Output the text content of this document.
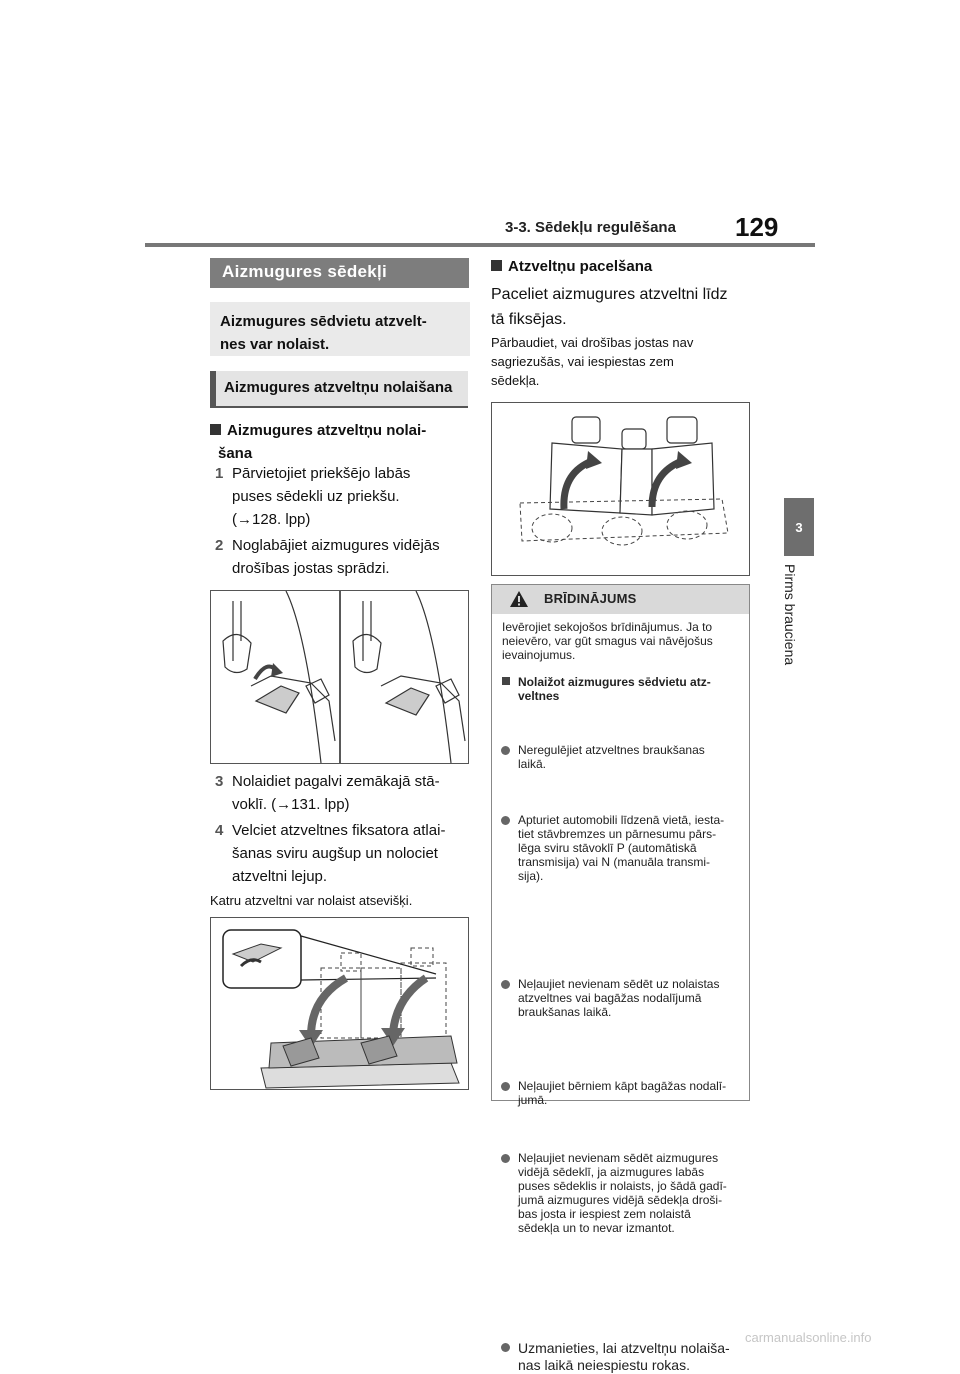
3-3. Sēdekļu regulēšana 129
3
Pirms brauciena
Aizmugures sēdekļi
Aizmugures sēdvietu atzvelt-
nes var nolaist.
Aizmugures atzveltņu nolaišana
Aizmugures atzveltņu nolai-
šana
1 Pārvietojiet priekšējo labās
puses sēdekli uz priekšu.
(→128. lpp)
2 Noglabājiet aizmugures vidējās
drošības jostas sprādzi.
3 Nolaidiet pagalvi zemākajā stā-
voklī. (→131. lpp)
4 Velciet atzveltnes fiksatora atlai-
šanas sviru augšup un nolociet
atzveltni lejup.
Katru atzveltni var nolaist atsevišķi.
Atzveltņu pacelšana
Paceliet aizmugures atzveltni līdz
tā fiksējas.
Pārbaudiet, vai drošības jostas nav
sagriezušās, vai iespiestas zem
sēdekļa.
BRĪDINĀJUMS
Ievērojiet sekojošos brīdinājumus. Ja to
neievēro, var gūt smagus vai nāvējošus
ievainojumus.
Nolaižot aizmugures sēdvietu atz-
veltnes
Neregulējiet atzveltnes braukšanas
laikā.
Apturiet automobili līdzenā vietā, iesta-
tiet stāvbremzes un pārnesumu pārs-
lēga sviru stāvoklī P (automātiskā
transmisija) vai N (manuāla transmi-
sija).
Neļaujiet nevienam sēdēt uz nolaistas
atzveltnes vai bagāžas nodalījumā
braukšanas laikā.
Neļaujiet bērniem kāpt bagāžas nodalī-
jumā.
Neļaujiet nevienam sēdēt aizmugures
vidējā sēdeklī, ja aizmugures labās
puses sēdeklis ir nolaists, jo šādā gadī-
jumā aizmugures vidējā sēdekļa droši-
bas josta ir iespiest zem nolaistā
sēdekļa un to nevar izmantot.
Uzmanieties, lai atzveltņu nolaiša-
nas laikā neiespiestu rokas.
carmanualsonline.info
